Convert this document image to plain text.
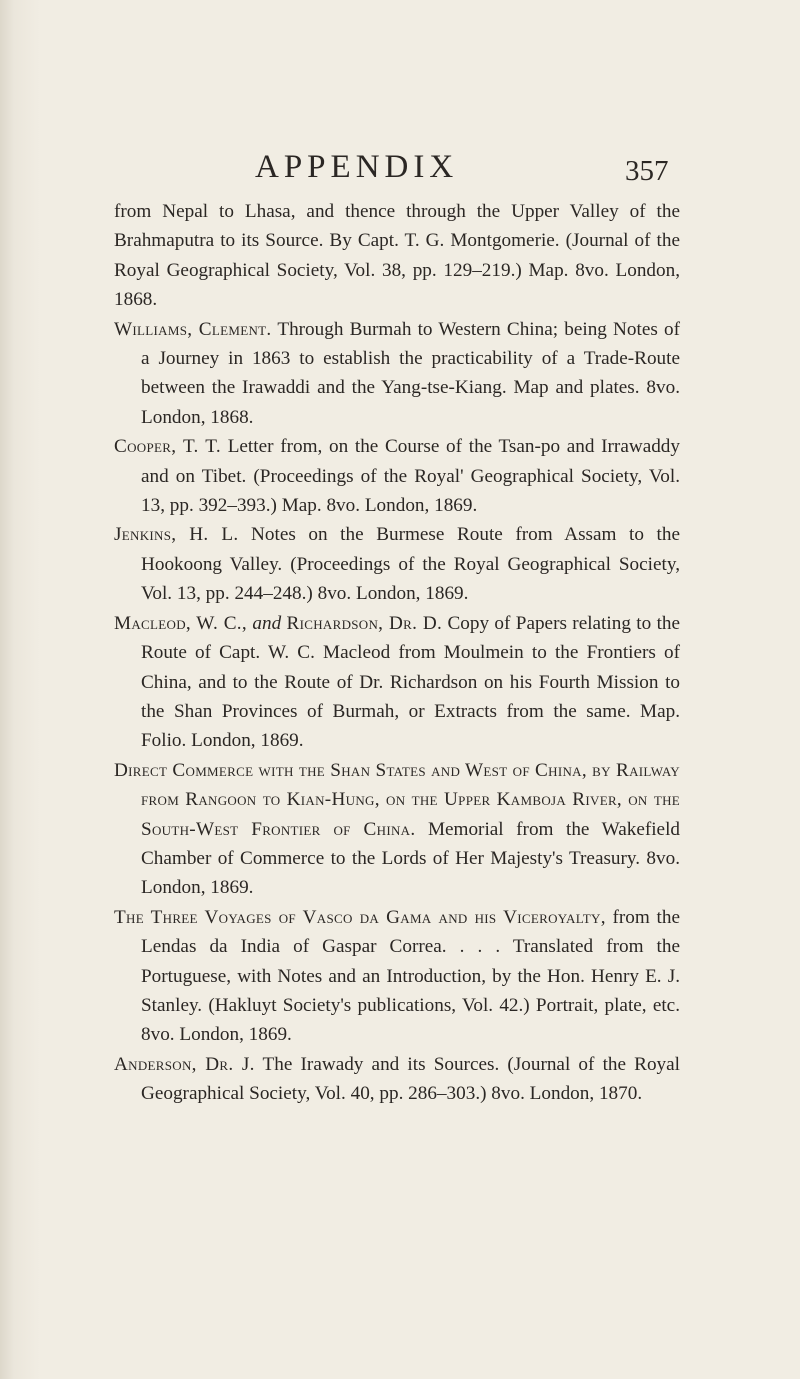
APPENDIX	357

from Nepal to Lhasa, and thence through the Upper Valley of the Brahmaputra to its Source. By Capt. T. G. Montgomerie. (Journal of the Royal Geographical Society, Vol. 38, pp. 129–219.) Map. 8vo. London, 1868.

Williams, Clement. Through Burmah to Western China; being Notes of a Journey in 1863 to establish the practicability of a Trade-Route between the Irawaddi and the Yang-tse-Kiang. Map and plates. 8vo. London, 1868.

Cooper, T. T. Letter from, on the Course of the Tsan-po and Irrawaddy and on Tibet. (Proceedings of the Royal' Geographical Society, Vol. 13, pp. 392–393.) Map. 8vo. London, 1869.

Jenkins, H. L. Notes on the Burmese Route from Assam to the Hookoong Valley. (Proceedings of the Royal Geographical Society, Vol. 13, pp. 244–248.) 8vo. London, 1869.

Macleod, W. C., and Richardson, Dr. D. Copy of Papers relating to the Route of Capt. W. C. Macleod from Moulmein to the Frontiers of China, and to the Route of Dr. Richardson on his Fourth Mission to the Shan Provinces of Burmah, or Extracts from the same. Map. Folio. London, 1869.

Direct Commerce with the Shan States and West of China, by Railway from Rangoon to Kian-Hung, on the Upper Kamboja River, on the South-West Frontier of China. Memorial from the Wakefield Chamber of Commerce to the Lords of Her Majesty's Treasury. 8vo. London, 1869.

The Three Voyages of Vasco da Gama and his Viceroyalty, from the Lendas da India of Gaspar Correa. . . . Translated from the Portuguese, with Notes and an Introduction, by the Hon. Henry E. J. Stanley. (Hakluyt Society's publications, Vol. 42.) Portrait, plate, etc. 8vo. London, 1869.

Anderson, Dr. J. The Irawady and its Sources. (Journal of the Royal Geographical Society, Vol. 40, pp. 286–303.) 8vo. London, 1870.
